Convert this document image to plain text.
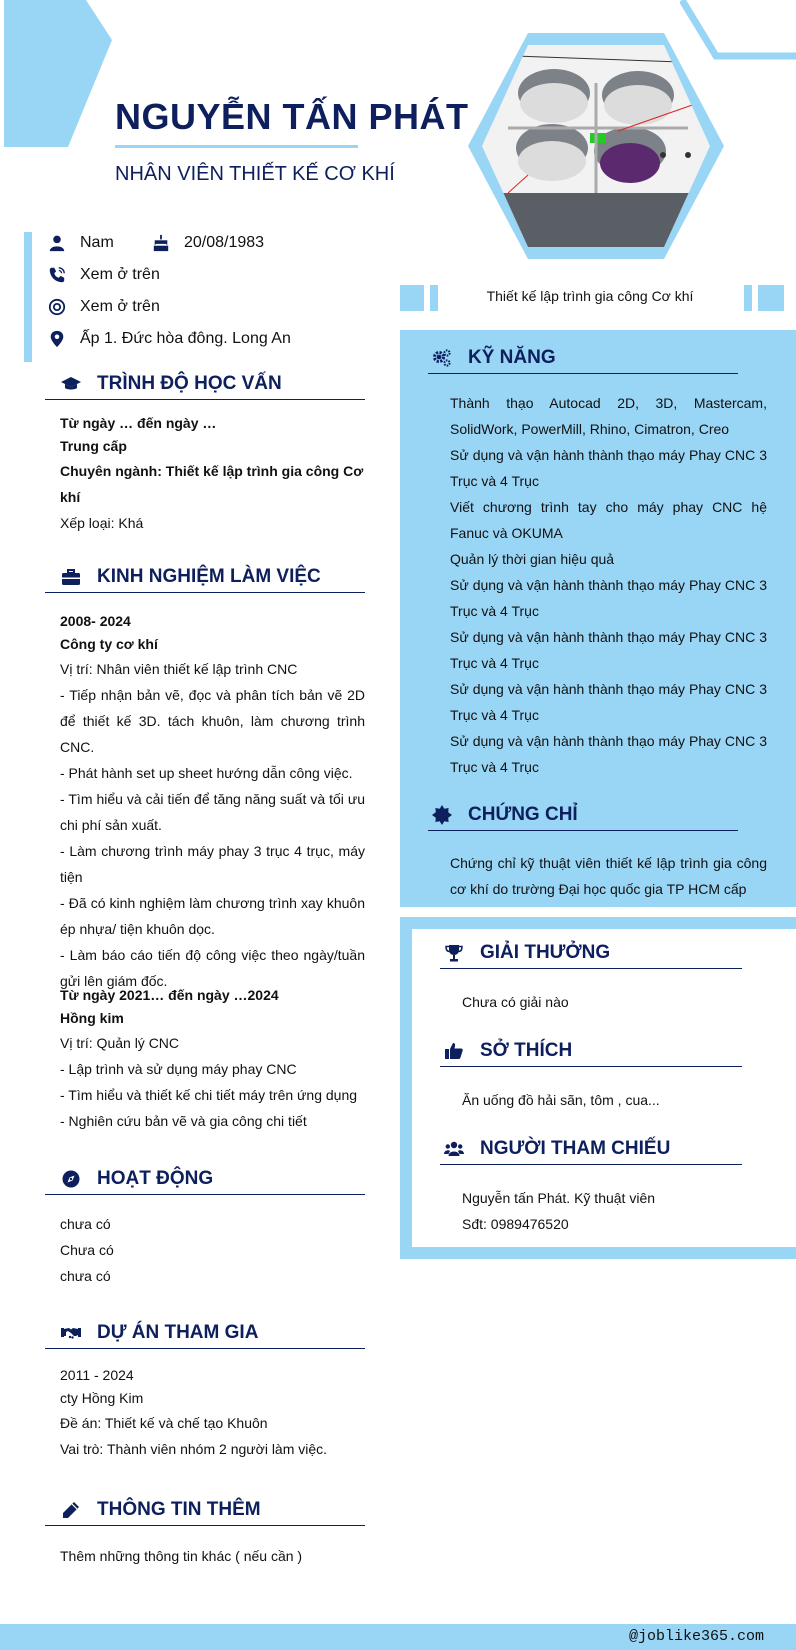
NGUYỄN TẤN PHÁT
NHÂN VIÊN THIẾT KẾ CƠ KHÍ
Thiết kế lập trình gia công Cơ khí
Nam	20/08/1983
Xem ở trên
Xem ở trên
Ấp 1. Đức hòa đông. Long An
TRÌNH ĐỘ HỌC VẤN
Từ ngày … đến ngày …
Trung cấp
Chuyên ngành: Thiết kế lập trình gia công Cơ khí
Xếp loại: Khá
KINH NGHIỆM LÀM VIỆC
2008- 2024
Công ty cơ khí
Vị trí: Nhân viên thiết kế lập trình CNC
- Tiếp nhận bản vẽ, đọc và phân tích bản vẽ 2D để thiết kế 3D. tách khuôn, làm chương trình CNC.
- Phát hành set up sheet hướng dẫn công việc.
- Tìm hiểu và cải tiến để tăng năng suất và tối ưu chi phí sản xuất.
- Làm chương trình máy phay 3 trục 4 trục, máy tiện
- Đã có kinh nghiệm làm chương trình xay khuôn ép nhựa/ tiện khuôn dọc.
- Làm báo cáo tiến độ công việc theo ngày/tuần gửi lên giám đốc.
Từ ngày 2021… đến ngày …2024
Hồng kim
Vị trí: Quản lý CNC
- Lập trình và sử dụng máy phay CNC
- Tìm hiểu và thiết kế chi tiết máy trên ứng dụng
- Nghiên cứu bản vẽ và gia công chi tiết
HOẠT ĐỘNG
chưa có
Chưa có
chưa có
DỰ ÁN THAM GIA
2011 - 2024
cty Hồng Kim
Đề án: Thiết kế và chế tạo Khuôn
Vai trò: Thành viên nhóm 2 người làm việc.
THÔNG TIN THÊM
Thêm những thông tin khác ( nếu cần )
KỸ NĂNG
Thành thạo Autocad 2D, 3D, Mastercam, SolidWork, PowerMill, Rhino, Cimatron, Creo
Sử dụng và vận hành thành thạo máy Phay CNC 3 Trục và 4 Trục
Viết chương trình tay cho máy phay CNC hệ Fanuc và OKUMA
Quản lý thời gian hiệu quả
Sử dụng và vận hành thành thạo máy Phay CNC 3 Trục và 4 Trục
Sử dụng và vận hành thành thạo máy Phay CNC 3 Trục và 4 Trục
Sử dụng và vận hành thành thạo máy Phay CNC 3 Trục và 4 Trục
Sử dụng và vận hành thành thạo máy Phay CNC 3 Trục và 4 Trục
CHỨNG CHỈ
Chứng chỉ kỹ thuật viên thiết kế lập trình gia công cơ khí do trường Đại học quốc gia TP HCM cấp
GIẢI THƯỞNG
Chưa có giải nào
SỞ THÍCH
Ăn uống đồ hải sãn, tôm , cua...
NGƯỜI THAM CHIẾU
Nguyễn tấn Phát. Kỹ thuật viên
Sđt: 0989476520
@joblike365.com
